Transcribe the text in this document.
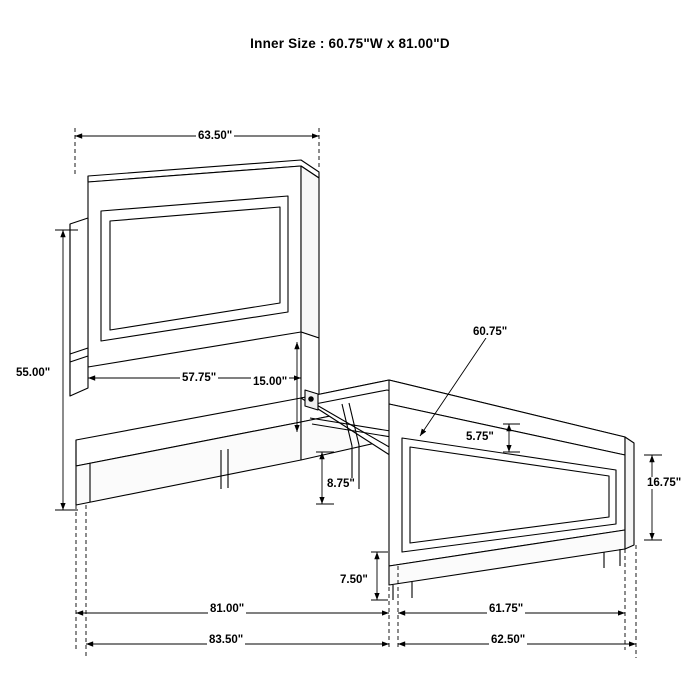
Inner Size : 60.75"W x 81.00"D
63.50"
57.75"
55.00"
15.00"
60.75"
5.75"
8.75"	16.75"
7.50"
81.00"	61.75"
83.50"	62.50"
